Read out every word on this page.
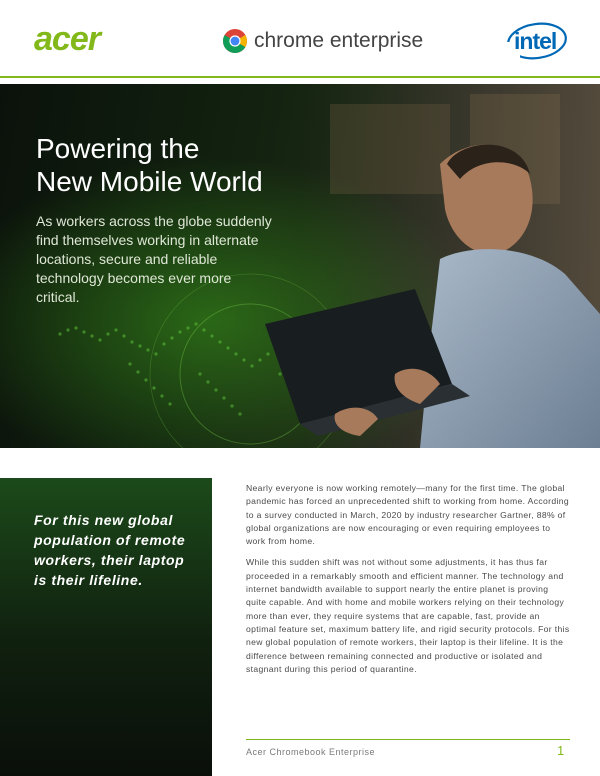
acer	chrome enterprise	intel
Powering the
New Mobile World
As workers across the globe suddenly find themselves working in alternate locations, secure and reliable technology becomes ever more critical.
For this new global population of remote workers, their laptop is their lifeline.

Nearly everyone is now working remotely—many for the first time. The global pandemic has forced an unprecedented shift to working from home. According to a survey conducted in March, 2020 by industry researcher Gartner, 88% of global organizations are now encouraging or even requiring employees to work from home.

While this sudden shift was not without some adjustments, it has thus far proceeded in a remarkably smooth and efficient manner. The technology and internet bandwidth available to support nearly the entire planet is proving quite capable. And with home and mobile workers relying on their technology more than ever, they require systems that are capable, fast, provide an optimal feature set, maximum battery life, and rigid security protocols. For this new global population of remote workers, their laptop is their lifeline. It is the difference between remaining connected and productive or isolated and stagnant during this period of quarantine.

Acer Chromebook Enterprise	1
